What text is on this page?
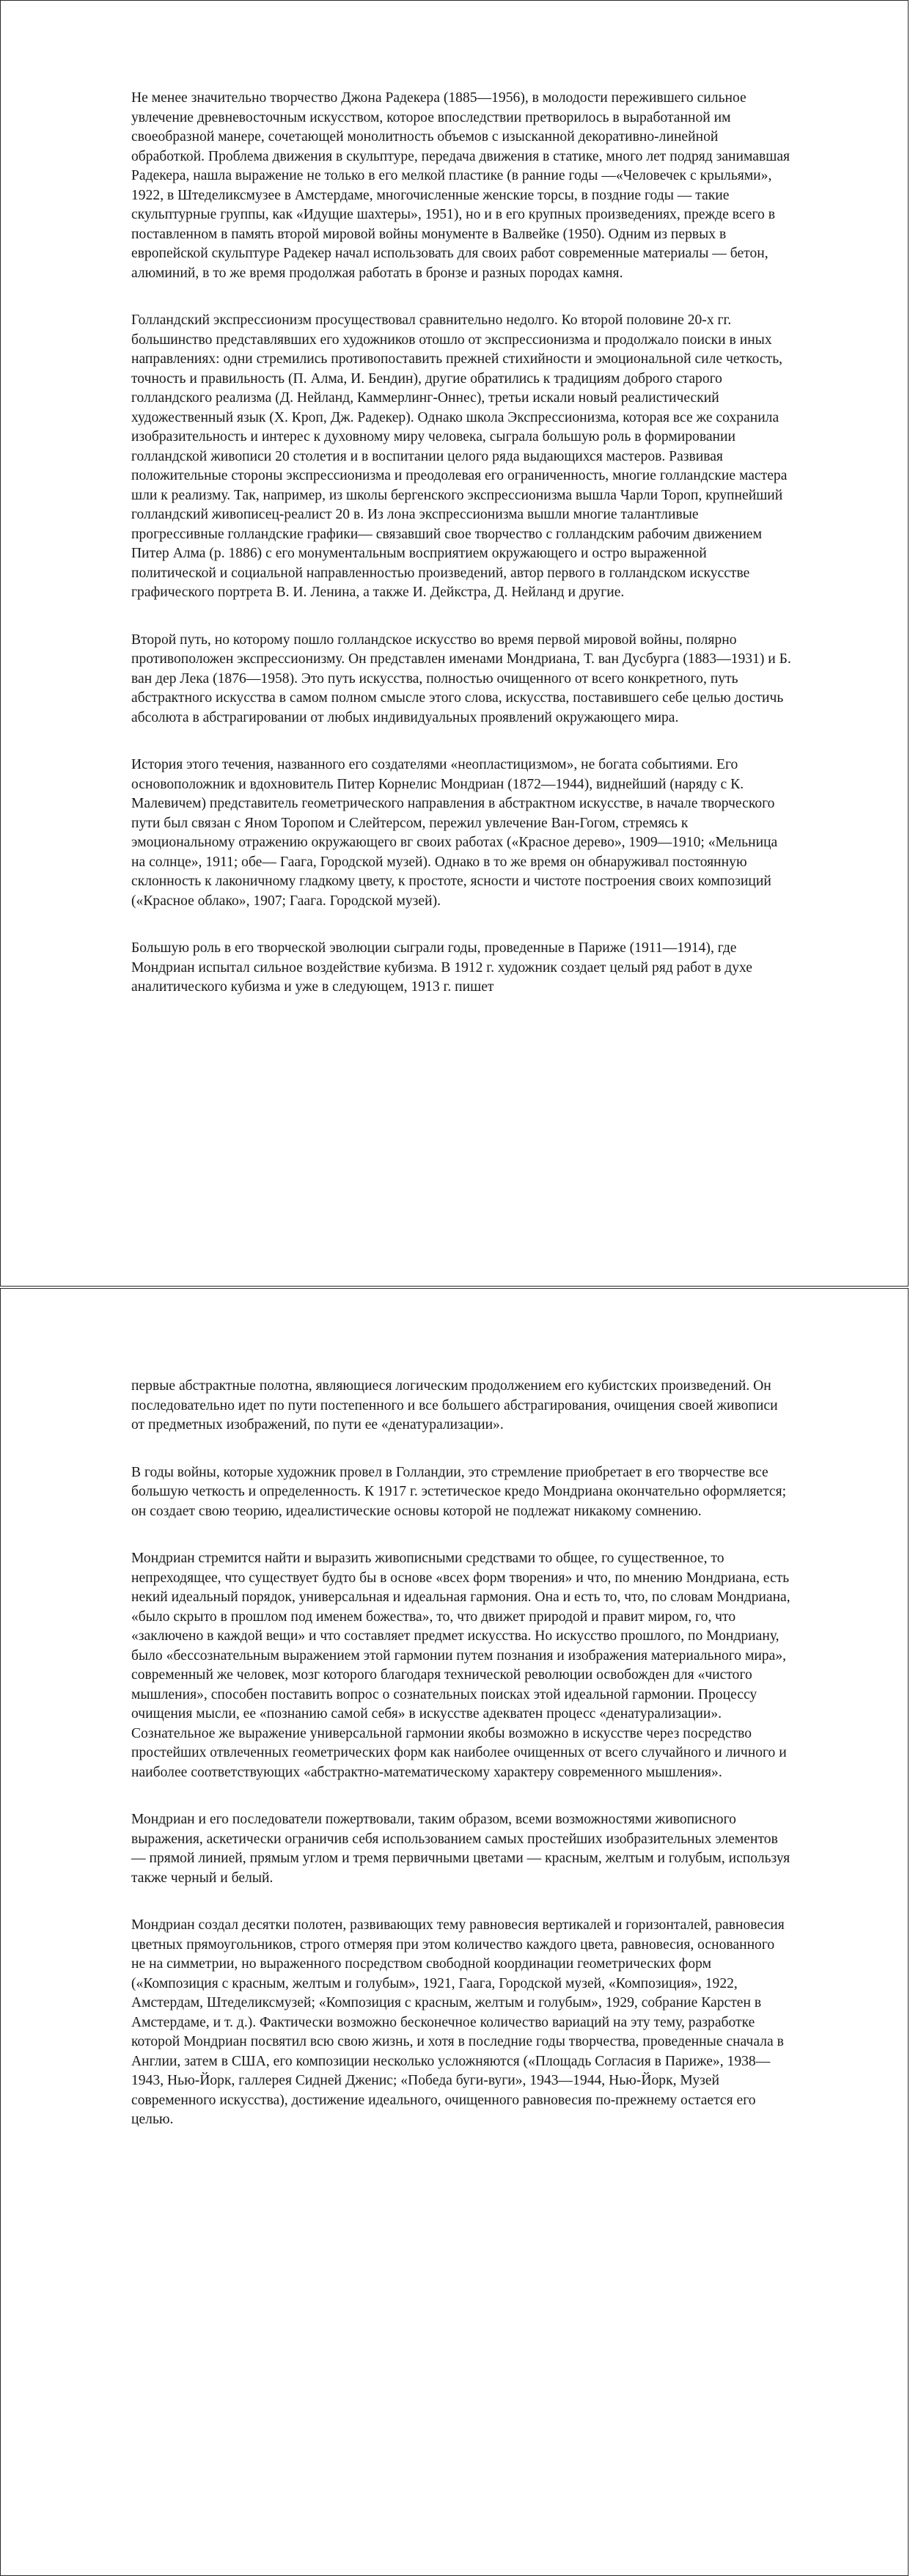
Не менее значительно творчество Джона Радекера (1885—1956), в молодости пережившего сильное увлечение древневосточным искусством, которое впоследствии претворилось в выработанной им своеобразной манере, сочетающей монолитность объемов с изысканной декоративно-линейной обработкой. Проблема движения в скульптуре, передача движения в статике, много лет подряд занимавшая Радекера, нашла выражение не только в его мелкой пластике (в ранние годы —«Человечек с крыльями», 1922, в Штеделиксмузее в Амстердаме, многочисленные женские торсы, в поздние годы — такие скульптурные группы, как «Идущие шахтеры», 1951), но и в его крупных произведениях, прежде всего в поставленном в память второй мировой войны монументе в Валвейке (1950). Одним из первых в европейской скульптуре Радекер начал использовать для своих работ современные материалы — бетон, алюминий, в то же время продолжая работать в бронзе и разных породах камня.

Голландский экспрессионизм просуществовал сравнительно недолго. Ко второй половине 20-х гг. большинство представлявших его художников отошло от экспрессионизма и продолжало поиски в иных направлениях: одни стремились противопоставить прежней стихийности и эмоциональной силе четкость, точность и правильность (П. Алма, И. Бендин), другие обратились к традициям доброго старого голландского реализма (Д. Нейланд, Каммерлинг-Оннес), третьи искали новый реалистический художественный язык (X. Кроп, Дж. Радекер). Однако школа Экспрессионизма, которая все же сохранила изобразительность и интерес к духовному миру человека, сыграла большую роль в формировании голландской живописи 20 столетия и в воспитании целого ряда выдающихся мастеров. Развивая положительные стороны экспрессионизма и преодолевая его ограниченность, многие голландские мастера шли к реализму. Так, например, из школы бергенского экспрессионизма вышла Чарли Тороп, крупнейший голландский живописец-реалист 20 в. Из лона экспрессионизма вышли многие талантливые прогрессивные голландские графики— связавший свое творчество с голландским рабочим движением Питер Алма (р. 1886) с его монументальным восприятием окружающего и остро выраженной политической и социальной направленностью произведений, автор первого в голландском искусстве графического портрета В. И. Ленина, а также И. Дейкстра, Д. Нейланд и другие.

Второй путь, но которому пошло голландское искусство во время первой мировой войны, полярно противоположен экспрессионизму. Он представлен именами Мондриана, Т. ван Дусбурга (1883—1931) и Б. ван дер Лека (1876—1958). Это путь искусства, полностью очищенного от всего конкретного, путь абстрактного искусства в самом полном смысле этого слова, искусства, поставившего себе целью достичь абсолюта в абстрагировании от любых индивидуальных проявлений окружающего мира.

История этого течения, названного его создателями «неопластицизмом», не богата событиями. Его основоположник и вдохновитель Питер Корнелис Мондриан (1872—1944), виднейший (наряду с К. Малевичем) представитель геометрического направления в абстрактном искусстве, в начале творческого пути был связан с Яном Торопом и Слейтерсом, пережил увлечение Ван-Гогом, стремясь к эмоциональному отражению окружающего вг своих работах («Красное дерево», 1909—1910; «Мельница на солнце», 1911; обе— Гаага, Городской музей). Однако в то же время он обнаруживал постоянную склонность к лаконичному гладкому цвету, к простоте, ясности и чистоте построения своих композиций («Красное облако», 1907; Гаага. Городской музей).

Большую роль в его творческой эволюции сыграли годы, проведенные в Париже (1911—1914), где Мондриан испытал сильное воздействие кубизма. В 1912 г. художник создает целый ряд работ в духе аналитического кубизма и уже в следующем, 1913 г. пишет

первые абстрактные полотна, являющиеся логическим продолжением его кубистских произведений. Он последовательно идет по пути постепенного и все большего абстрагирования, очищения своей живописи от предметных изображений, по пути ее «денатурализации».

В годы войны, которые художник провел в Голландии, это стремление приобретает в его творчестве все большую четкость и определенность. К 1917 г. эстетическое кредо Мондриана окончательно оформляется; он создает свою теорию, идеалистические основы которой не подлежат никакому сомнению.

Мондриан стремится найти и выразить живописными средствами то общее, го существенное, то непреходящее, что существует будто бы в основе «всех форм творения» и что, по мнению Мондриана, есть некий идеальный порядок, универсальная и идеальная гармония. Она и есть то, что, по словам Мондриана, «было скрыто в прошлом под именем божества», то, что движет природой и правит миром, го, что «заключено в каждой вещи» и что составляет предмет искусства. Но искусство прошлого, по Мондриану, было «бессознательным выражением этой гармонии путем познания и изображения материального мира», современный же человек, мозг которого благодаря технической революции освобожден для «чистого мышления», способен поставить вопрос о сознательных поисках этой идеальной гармонии. Процессу очищения мысли, ее «познанию самой себя» в искусстве адекватен процесс «денатурализации». Сознательное же выражение универсальной гармонии якобы возможно в искусстве через посредство простейших отвлеченных геометрических форм как наиболее очищенных от всего случайного и личного и наиболее соответствующих «абстрактно-математическому характеру современного мышления».

Мондриан и его последователи пожертвовали, таким образом, всеми возможностями живописного выражения, аскетически ограничив себя использованием самых простейших изобразительных элементов — прямой линией, прямым углом и тремя первичными цветами — красным, желтым и голубым, используя также черный и белый.

Мондриан создал десятки полотен, развивающих тему равновесия вертикалей и горизонталей, равновесия цветных прямоугольников, строго отмеряя при этом количество каждого цвета, равновесия, основанного не на симметрии, но выраженного посредством свободной координации геометрических форм («Композиция с красным, желтым и голубым», 1921, Гаага, Городской музей, «Композиция», 1922, Амстердам, Штеделиксмузей; «Композиция с красным, желтым и голубым», 1929, собрание Карстен в Амстердаме, и т. д.). Фактически возможно бесконечное количество вариаций на эту тему, разработке которой Мондриан посвятил всю свою жизнь, и хотя в последние годы творчества, проведенные сначала в Англии, затем в США, его композиции несколько усложняются («Площадь Согласия в Париже», 1938—1943, Нью-Йорк, галлерея Сидней Дженис; «Победа буги-вуги», 1943—1944, Нью-Йорк, Музей современного искусства), достижение идеального, очищенного равновесия по-прежнему остается его целью.
